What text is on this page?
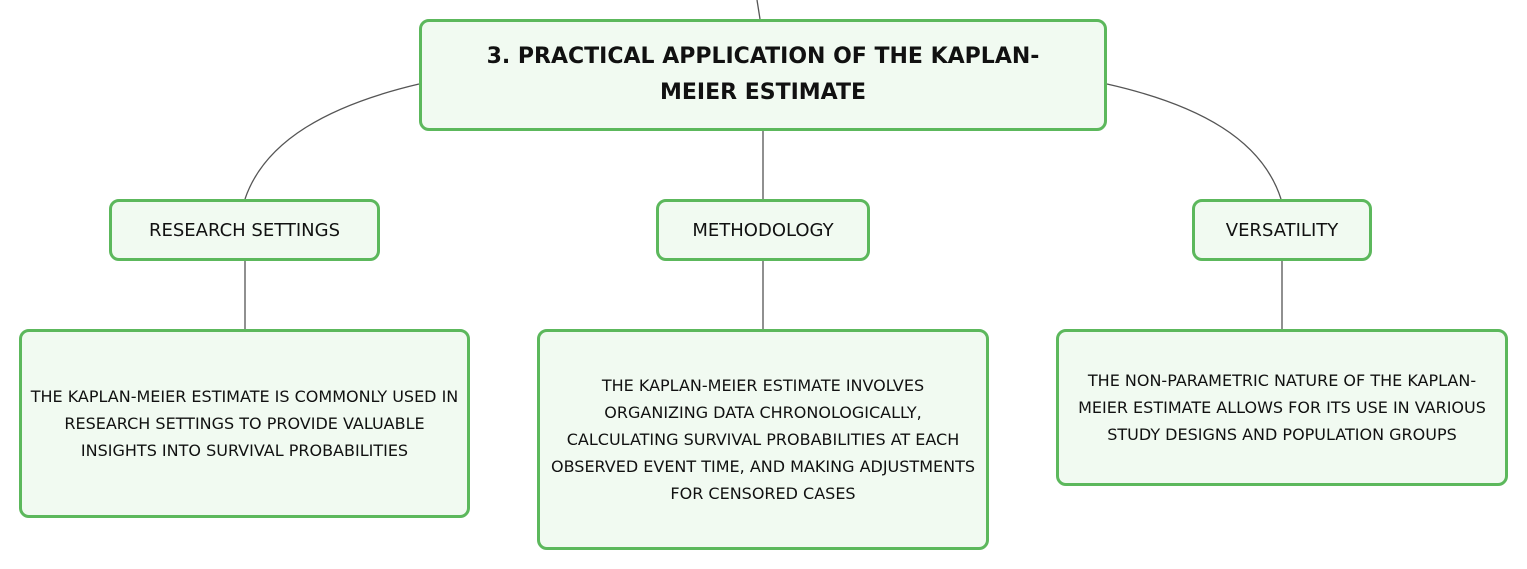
3. PRACTICAL APPLICATION OF THE KAPLAN-MEIER ESTIMATE
RESEARCH SETTINGS	METHODOLOGY	VERSATILITY
THE KAPLAN-MEIER ESTIMATE IS COMMONLY USED IN RESEARCH SETTINGS TO PROVIDE VALUABLE INSIGHTS INTO SURVIVAL PROBABILITIES
THE KAPLAN-MEIER ESTIMATE INVOLVES ORGANIZING DATA CHRONOLOGICALLY, CALCULATING SURVIVAL PROBABILITIES AT EACH OBSERVED EVENT TIME, AND MAKING ADJUSTMENTS FOR CENSORED CASES
THE NON-PARAMETRIC NATURE OF THE KAPLAN-MEIER ESTIMATE ALLOWS FOR ITS USE IN VARIOUS STUDY DESIGNS AND POPULATION GROUPS
